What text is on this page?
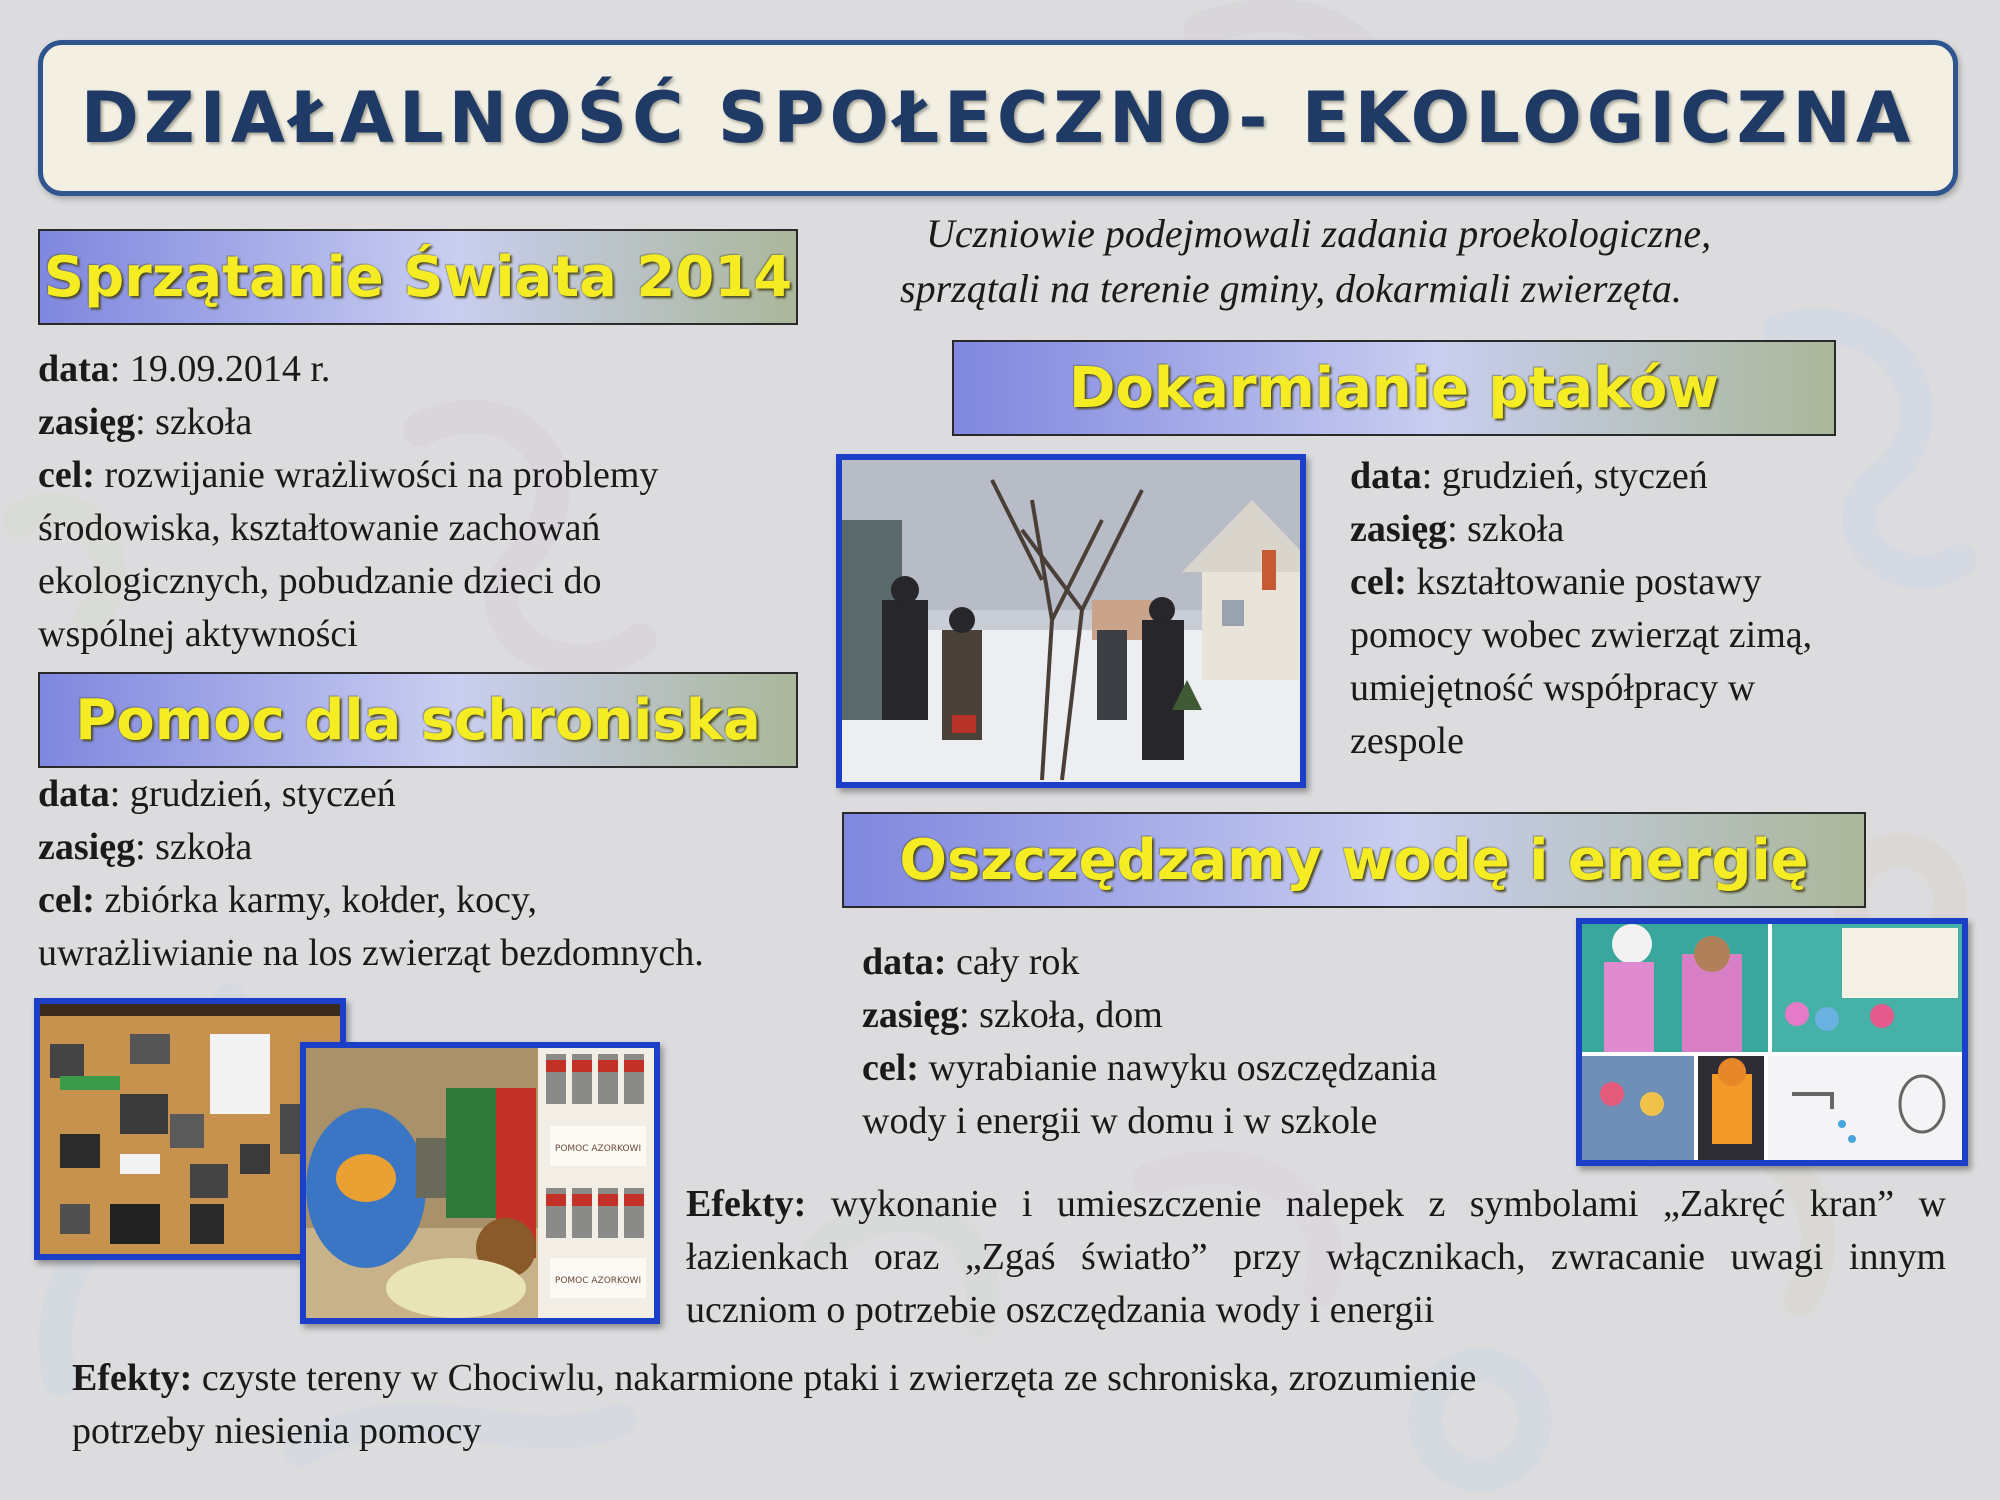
DZIAŁALNOŚĆ SPOŁECZNO- EKOLOGICZNA
Sprzątanie Świata 2014
Uczniowie podejmowali zadania proekologiczne,
sprzątali na terenie gminy, dokarmiali zwierzęta.
data: 19.09.2014 r.
zasięg: szkoła
cel: rozwijanie wrażliwości na problemy
środowiska, kształtowanie zachowań
ekologicznych, pobudzanie dzieci do
wspólnej aktywności
Dokarmianie ptaków
data: grudzień, styczeń
zasięg: szkoła
cel: kształtowanie postawy
pomocy wobec zwierząt zimą,
umiejętność współpracy w
zespole
Pomoc dla schroniska
data: grudzień, styczeń
zasięg: szkoła
cel: zbiórka karmy, kołder, kocy,
uwrażliwianie na los zwierząt bezdomnych.
Oszczędzamy wodę i energię
data: cały rok
zasięg: szkoła, dom
cel: wyrabianie nawyku oszczędzania
wody i energii w domu i w szkole
POMOC AZORKOWI
POMOC AZORKOWI
Efekty: wykonanie i umieszczenie nalepek z symbolami „Zakręć kran” w łazienkach oraz „Zgaś światło” przy włącznikach, zwracanie uwagi innym uczniom o potrzebie oszczędzania wody i energii
Efekty: czyste tereny w Chociwlu, nakarmione ptaki i zwierzęta ze schroniska, zrozumienie
potrzeby niesienia pomocy
